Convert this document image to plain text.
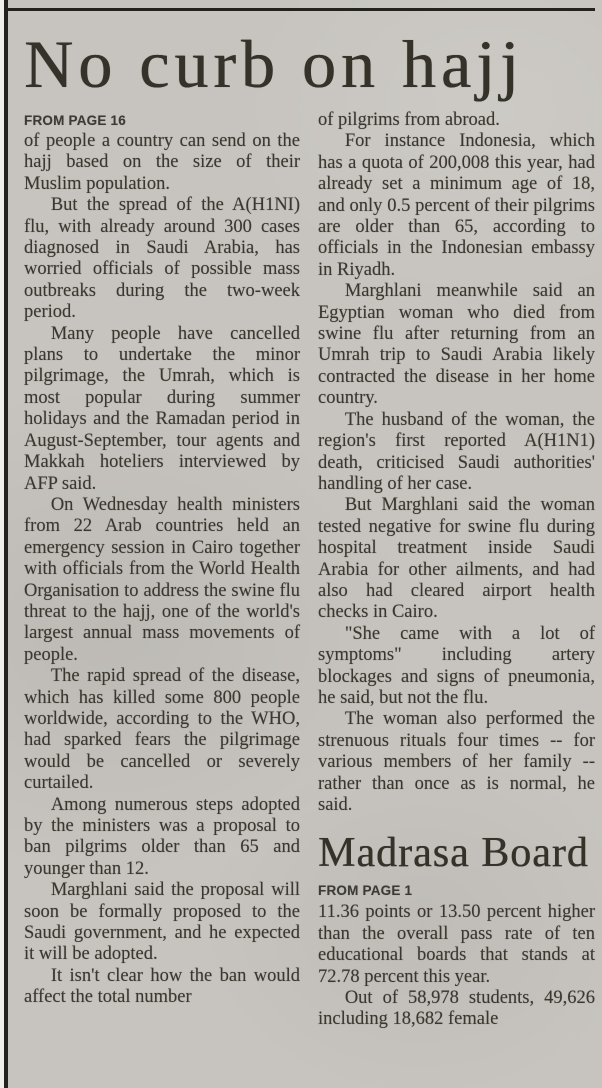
No curb on hajj
FROM PAGE 16

of people a country can send on the hajj based on the size of their Muslim population.

But the spread of the A(H1NI) flu, with already around 300 cases diagnosed in Saudi Arabia, has worried officials of possible mass outbreaks during the two-week period.

Many people have cancelled plans to undertake the minor pilgrimage, the Umrah, which is most popular during summer holidays and the Ramadan period in August-September, tour agents and Makkah hoteliers interviewed by AFP said.

On Wednesday health ministers from 22 Arab countries held an emergency session in Cairo together with officials from the World Health Organisation to address the swine flu threat to the hajj, one of the world's largest annual mass movements of people.

The rapid spread of the disease, which has killed some 800 people worldwide, according to the WHO, had sparked fears the pilgrimage would be cancelled or severely curtailed.

Among numerous steps adopted by the ministers was a proposal to ban pilgrims older than 65 and younger than 12.

Marghlani said the proposal will soon be formally proposed to the Saudi government, and he expected it will be adopted.

It isn't clear how the ban would affect the total number

of pilgrims from abroad.

For instance Indonesia, which has a quota of 200,008 this year, had already set a minimum age of 18, and only 0.5 percent of their pilgrims are older than 65, according to officials in the Indonesian embassy in Riyadh.

Marghlani meanwhile said an Egyptian woman who died from swine flu after returning from an Umrah trip to Saudi Arabia likely contracted the disease in her home country.

The husband of the woman, the region's first reported A(H1N1) death, criticised Saudi authorities' handling of her case.

But Marghlani said the woman tested negative for swine flu during hospital treatment inside Saudi Arabia for other ailments, and had also had cleared airport health checks in Cairo.

"She came with a lot of symptoms" including artery blockages and signs of pneumonia, he said, but not the flu.

The woman also performed the strenuous rituals four times -- for various members of her family -- rather than once as is normal, he said.

Madrasa Board
FROM PAGE 1

11.36 points or 13.50 percent higher than the overall pass rate of ten educational boards that stands at 72.78 percent this year.

Out of 58,978 students, 49,626 including 18,682 female
